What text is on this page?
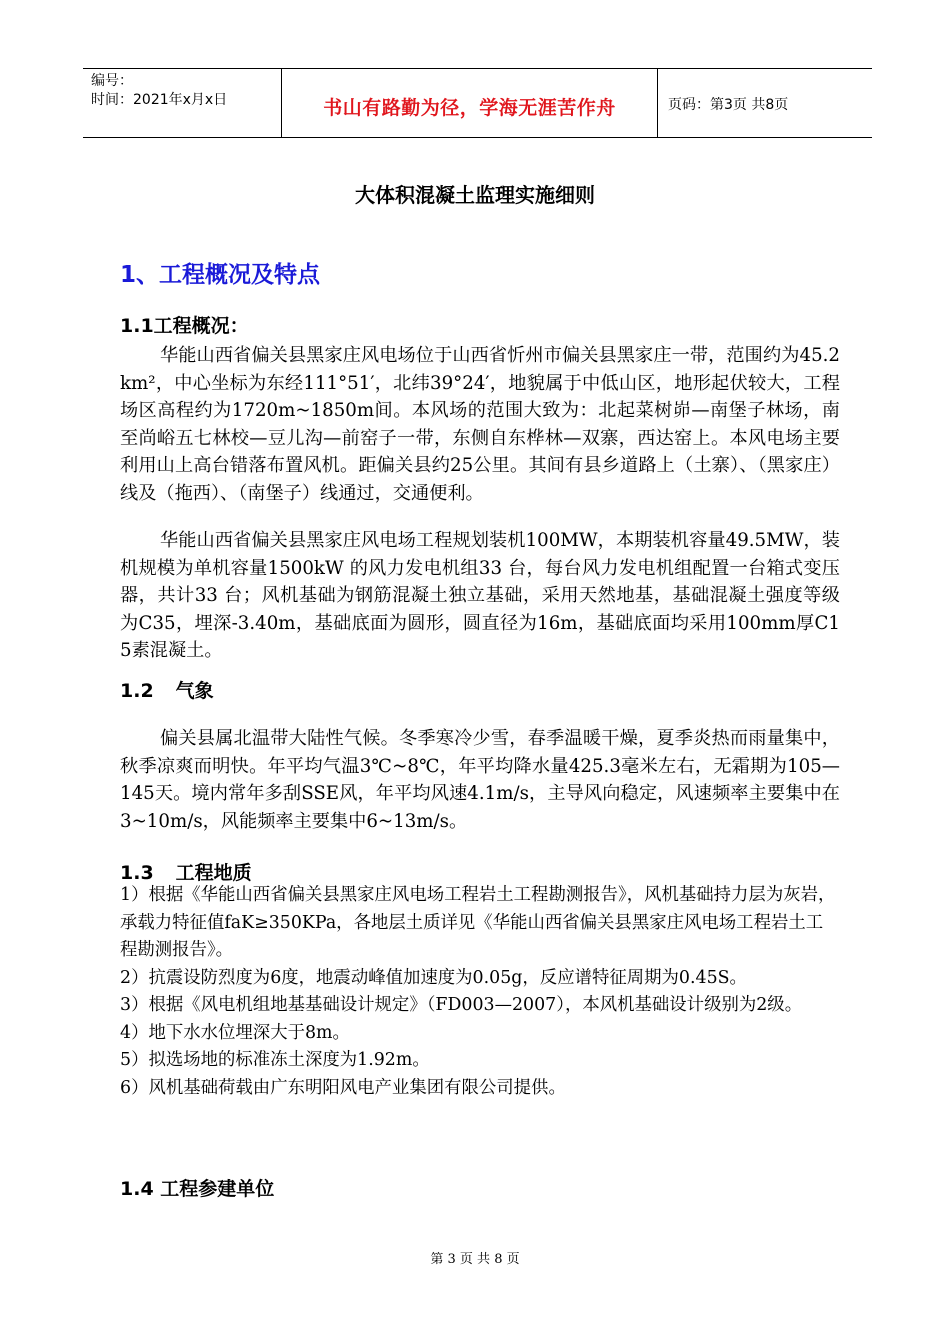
编号：
时间：2021年x月x日	书山有路勤为径，学海无涯苦作舟	页码：第3页 共8页
大体积混凝土监理实施细则
1、工程概况及特点
1.1工程概况：
华能山西省偏关县黑家庄风电场位于山西省忻州市偏关县黑家庄一带，范围约为45.2km²，中心坐标为东经111°51′，北纬39°24′，地貌属于中低山区，地形起伏较大，工程场区高程约为1720m~1850m间。本风场的范围大致为：北起菜树峁—南堡子林场，南至尚峪五七林校—豆儿沟—前窑子一带，东侧自东桦林—双寨，西达窑上。本风电场主要利用山上高台错落布置风机。距偏关县约25公里。其间有县乡道路上（土寨）、（黑家庄）线及（拖西）、（南堡子）线通过，交通便利。
华能山西省偏关县黑家庄风电场工程规划装机100MW，本期装机容量49.5MW，装机规模为单机容量1500kW 的风力发电机组33 台，每台风力发电机组配置一台箱式变压器，共计33 台；风机基础为钢筋混凝土独立基础，采用天然地基，基础混凝土强度等级为C35，埋深-3.40m，基础底面为圆形，圆直径为16m，基础底面均采用100mm厚C15素混凝土。
1.2 气象
偏关县属北温带大陆性气候。冬季寒冷少雪，春季温暖干燥，夏季炎热而雨量集中，秋季凉爽而明快。年平均气温3℃~8℃，年平均降水量425.3毫米左右，无霜期为105—145天。境内常年多刮SSE风，年平均风速4.1m/s，主导风向稳定，风速频率主要集中在3~10m/s，风能频率主要集中6~13m/s。
1.3 工程地质
1）根据《华能山西省偏关县黑家庄风电场工程岩土工程勘测报告》，风机基础持力层为灰岩，承载力特征值faK≥350KPa，各地层土质详见《华能山西省偏关县黑家庄风电场工程岩土工程勘测报告》。
2）抗震设防烈度为6度，地震动峰值加速度为0.05g，反应谱特征周期为0.45S。
3）根据《风电机组地基基础设计规定》（FD003—2007），本风机基础设计级别为2级。
4）地下水水位埋深大于8m。
5）拟选场地的标准冻土深度为1.92m。
6）风机基础荷载由广东明阳风电产业集团有限公司提供。
1.4 工程参建单位
第 3 页 共 8 页
